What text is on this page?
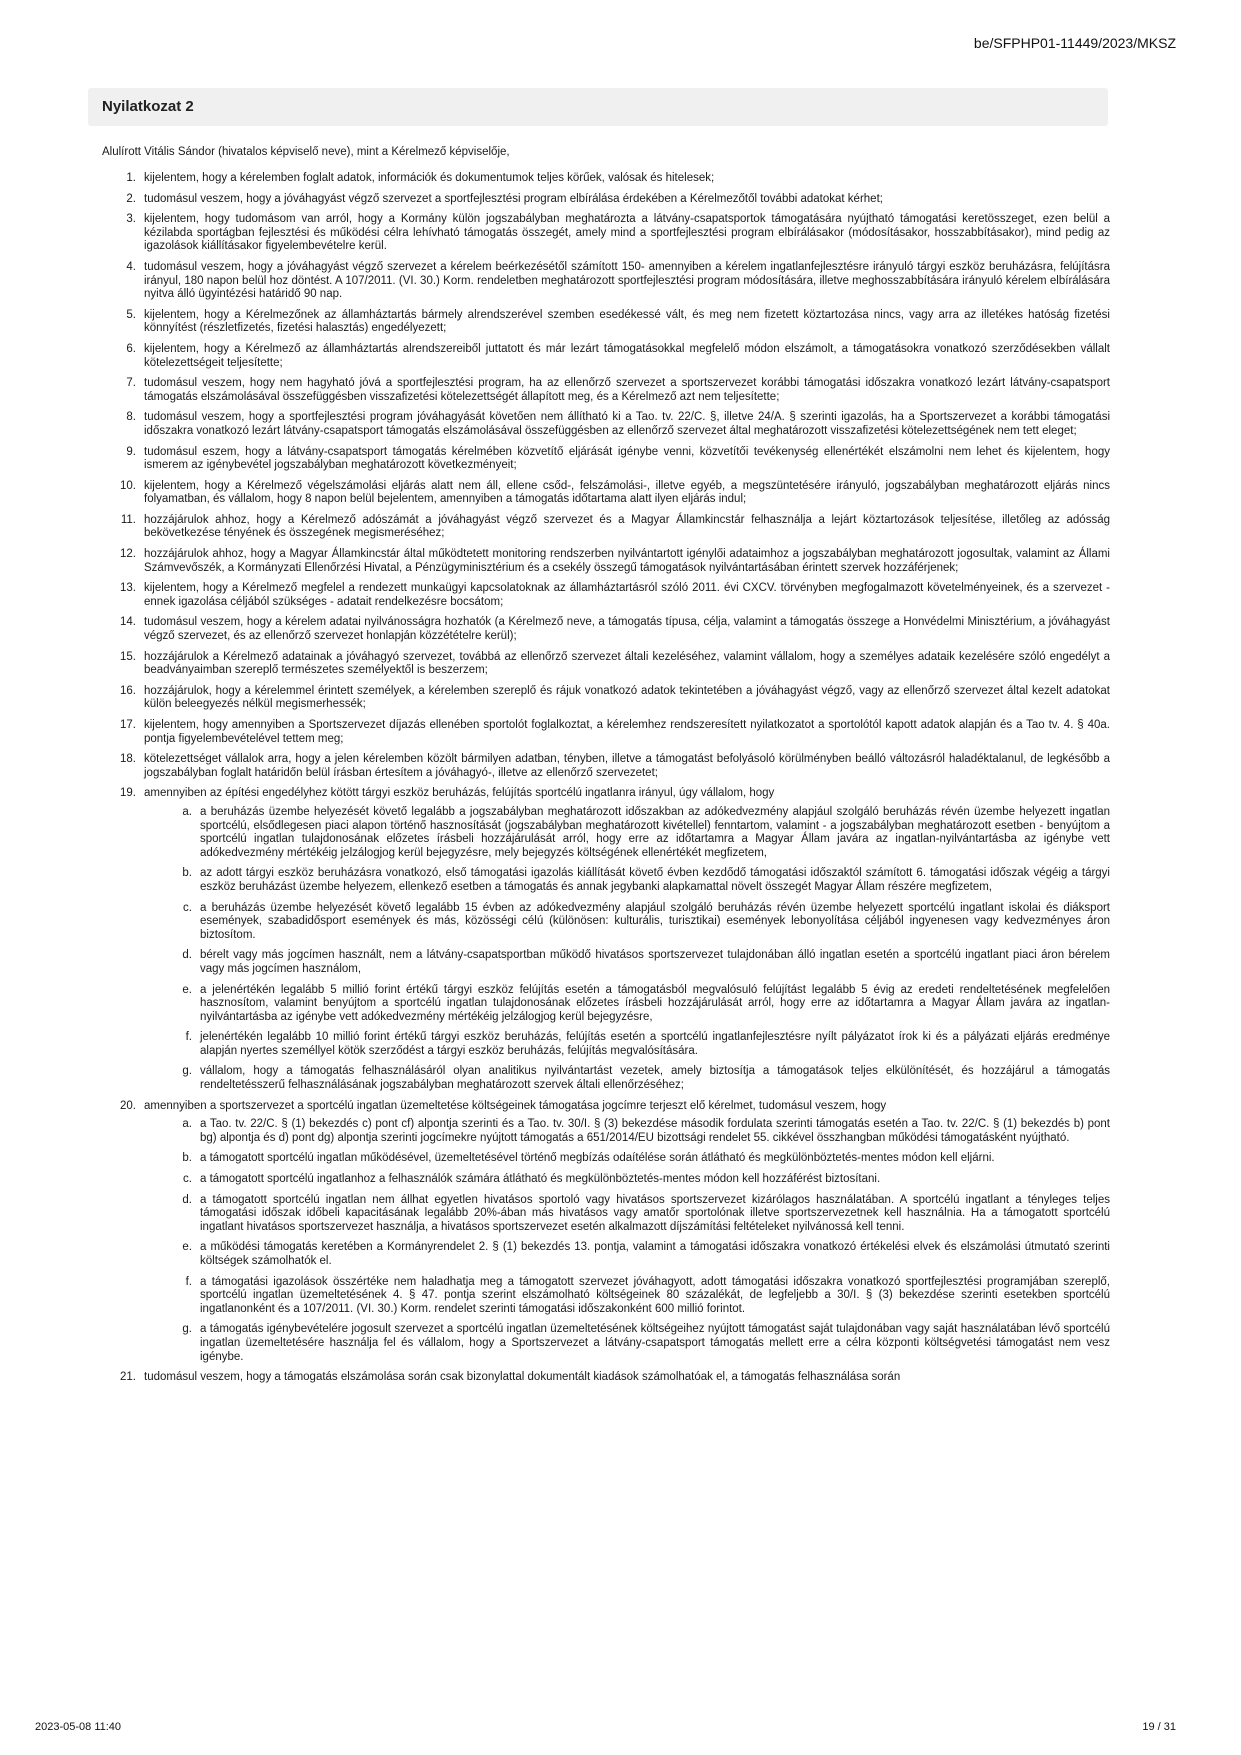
be/SFPHP01-11449/2023/MKSZ
Nyilatkozat 2
Alulírott Vitális Sándor (hivatalos képviselő neve), mint a Kérelmező képviselője,
1. kijelentem, hogy a kérelemben foglalt adatok, információk és dokumentumok teljes körűek, valósak és hitelesek;
2. tudomásul veszem, hogy a jóváhagyást végző szervezet a sportfejlesztési program elbírálása érdekében a Kérelmezőtől további adatokat kérhet;
3. kijelentem, hogy tudomásom van arról, hogy a Kormány külön jogszabályban meghatározta a látvány-csapatsportok támogatására nyújtható támogatási keretösszeget, ezen belül a kézilabda sportágban fejlesztési és működési célra lehívható támogatás összegét, amely mind a sportfejlesztési program elbírálásakor (módosításakor, hosszabbításakor), mind pedig az igazolások kiállításakor figyelembevételre kerül.
4. tudomásul veszem, hogy a jóváhagyást végző szervezet a kérelem beérkezésétől számított 150- amennyiben a kérelem ingatlanfejlesztésre irányuló tárgyi eszköz beruházásra, felújításra irányul, 180 napon belül hoz döntést. A 107/2011. (VI. 30.) Korm. rendeletben meghatározott sportfejlesztési program módosítására, illetve meghosszabbítására irányuló kérelem elbírálására nyitva álló ügyintézési határidő 90 nap.
5. kijelentem, hogy a Kérelmezőnek az államháztartás bármely alrendszerével szemben esedékessé vált, és meg nem fizetett köztartozása nincs, vagy arra az illetékes hatóság fizetési könnyítést (részletfizetés, fizetési halasztás) engedélyezett;
6. kijelentem, hogy a Kérelmező az államháztartás alrendszereiből juttatott és már lezárt támogatásokkal megfelelő módon elszámolt, a támogatásokra vonatkozó szerződésekben vállalt kötelezettségeit teljesítette;
7. tudomásul veszem, hogy nem hagyható jóvá a sportfejlesztési program, ha az ellenőrző szervezet a sportszervezet korábbi támogatási időszakra vonatkozó lezárt látvány-csapatsport támogatás elszámolásával összefüggésben visszafizetési kötelezettségét állapított meg, és a Kérelmező azt nem teljesítette;
8. tudomásul veszem, hogy a sportfejlesztési program jóváhagyását követően nem állítható ki a Tao. tv. 22/C. §, illetve 24/A. § szerinti igazolás, ha a Sportszervezet a korábbi támogatási időszakra vonatkozó lezárt látvány-csapatsport támogatás elszámolásával összefüggésben az ellenőrző szervezet által meghatározott visszafizetési kötelezettségének nem tett eleget;
9. tudomásul eszem, hogy a látvány-csapatsport támogatás kérelmében közvetítő eljárását igénybe venni, közvetítői tevékenység ellenértékét elszámolni nem lehet és kijelentem, hogy ismerem az igénybevétel jogszabályban meghatározott következményeit;
10. kijelentem, hogy a Kérelmező végelszámolási eljárás alatt nem áll, ellene csőd-, felszámolási-, illetve egyéb, a megszüntetésére irányuló, jogszabályban meghatározott eljárás nincs folyamatban, és vállalom, hogy 8 napon belül bejelentem, amennyiben a támogatás időtartama alatt ilyen eljárás indul;
11. hozzájárulok ahhoz, hogy a Kérelmező adószámát a jóváhagyást végző szervezet és a Magyar Államkincstár felhasználja a lejárt köztartozások teljesítése, illetőleg az adósság bekövetkezése tényének és összegének megismeréséhez;
12. hozzájárulok ahhoz, hogy a Magyar Államkincstár által működtetett monitoring rendszerben nyilvántartott igénylői adataimhoz a jogszabályban meghatározott jogosultak, valamint az Állami Számvevőszék, a Kormányzati Ellenőrzési Hivatal, a Pénzügyminisztérium és a csekély összegű támogatások nyilvántartásában érintett szervek hozzáférjenek;
13. kijelentem, hogy a Kérelmező megfelel a rendezett munkaügyi kapcsolatoknak az államháztartásról szóló 2011. évi CXCV. törvényben megfogalmazott követelményeinek, és a szervezet - ennek igazolása céljából szükséges - adatait rendelkezésre bocsátom;
14. tudomásul veszem, hogy a kérelem adatai nyilvánosságra hozhatók (a Kérelmező neve, a támogatás típusa, célja, valamint a támogatás összege a Honvédelmi Minisztérium, a jóváhagyást végző szervezet, és az ellenőrző szervezet honlapján közzétételre kerül);
15. hozzájárulok a Kérelmező adatainak a jóváhagyó szervezet, továbbá az ellenőrző szervezet általi kezeléséhez, valamint vállalom, hogy a személyes adataik kezelésére szóló engedélyt a beadványaimban szereplő természetes személyektől is beszerzem;
16. hozzájárulok, hogy a kérelemmel érintett személyek, a kérelemben szereplő és rájuk vonatkozó adatok tekintetében a jóváhagyást végző, vagy az ellenőrző szervezet által kezelt adatokat külön beleegyezés nélkül megismerhessék;
17. kijelentem, hogy amennyiben a Sportszervezet díjazás ellenében sportolót foglalkoztat, a kérelemhez rendszeresített nyilatkozatot a sportolótól kapott adatok alapján és a Tao tv. 4. § 40a. pontja figyelembevételével tettem meg;
18. kötelezettséget vállalok arra, hogy a jelen kérelemben közölt bármilyen adatban, tényben, illetve a támogatást befolyásoló körülményben beálló változásról haladéktalanul, de legkésőbb a jogszabályban foglalt határidőn belül írásban értesítem a jóváhagyó-, illetve az ellenőrző szervezetet;
19. amennyiben az építési engedélyhez kötött tárgyi eszköz beruházás, felújítás sportcélú ingatlanra irányul, úgy vállalom, hogy
a. a beruházás üzembe helyezését követő legalább a jogszabályban meghatározott időszakban az adókedvezmény alapjául szolgáló beruházás révén üzembe helyezett ingatlan sportcélú, elsődlegesen piaci alapon történő hasznosítását (jogszabályban meghatározott kivétellel) fenntartom, valamint - a jogszabályban meghatározott esetben - benyújtom a sportcélú ingatlan tulajdonosának előzetes írásbeli hozzájárulását arról, hogy erre az időtartamra a Magyar Állam javára az ingatlan-nyilvántartásba az igénybe vett adókedvezmény mértékéig jelzálogjog kerül bejegyzésre, mely bejegyzés költségének ellenértékét megfizetem,
b. az adott tárgyi eszköz beruházásra vonatkozó, első támogatási igazolás kiállítását követő évben kezdődő támogatási időszaktól számított 6. támogatási időszak végéig a tárgyi eszköz beruházást üzembe helyezem, ellenkező esetben a támogatás és annak jegybanki alapkamattal növelt összegét Magyar Állam részére megfizetem,
c. a beruházás üzembe helyezését követő legalább 15 évben az adókedvezmény alapjául szolgáló beruházás révén üzembe helyezett sportcélú ingatlant iskolai és diáksport események, szabadidősport események és más, közösségi célú (különösen: kulturális, turisztikai) események lebonyolítása céljából ingyenesen vagy kedvezményes áron biztosítom.
d. bérelt vagy más jogcímen használt, nem a látvány-csapatsportban működő hivatásos sportszervezet tulajdonában álló ingatlan esetén a sportcélú ingatlant piaci áron bérelem vagy más jogcímen használom,
e. a jelenértékén legalább 5 millió forint értékű tárgyi eszköz felújítás esetén a támogatásból megvalósuló felújítást legalább 5 évig az eredeti rendeltetésének megfelelően hasznosítom, valamint benyújtom a sportcélú ingatlan tulajdonosának előzetes írásbeli hozzájárulását arról, hogy erre az időtartamra a Magyar Állam javára az ingatlan-nyilvántartásba az igénybe vett adókedvezmény mértékéig jelzálogjog kerül bejegyzésre,
f. jelenértékén legalább 10 millió forint értékű tárgyi eszköz beruházás, felújítás esetén a sportcélú ingatlanfejlesztésre nyílt pályázatot írok ki és a pályázati eljárás eredménye alapján nyertes személlyel kötök szerződést a tárgyi eszköz beruházás, felújítás megvalósítására.
g. vállalom, hogy a támogatás felhasználásáról olyan analitikus nyilvántartást vezetek, amely biztosítja a támogatások teljes elkülönítését, és hozzájárul a támogatás rendeltetésszerű felhasználásának jogszabályban meghatározott szervek általi ellenőrzéséhez;
20. amennyiben a sportszervezet a sportcélú ingatlan üzemeltetése költségeinek támogatása jogcímre terjeszt elő kérelmet, tudomásul veszem, hogy
a. a Tao. tv. 22/C. § (1) bekezdés c) pont cf) alpontja szerinti és a Tao. tv. 30/I. § (3) bekezdése második fordulata szerinti támogatás esetén a Tao. tv. 22/C. § (1) bekezdés b) pont bg) alpontja és d) pont dg) alpontja szerinti jogcímekre nyújtott támogatás a 651/2014/EU bizottsági rendelet 55. cikkével összhangban működési támogatásként nyújtható.
b. a támogatott sportcélú ingatlan működésével, üzemeltetésével történő megbízás odaítélése során átlátható és megkülönböztetés-mentes módon kell eljárni.
c. a támogatott sportcélú ingatlanhoz a felhasználók számára átlátható és megkülönböztetés-mentes módon kell hozzáférést biztosítani.
d. a támogatott sportcélú ingatlan nem állhat egyetlen hivatásos sportoló vagy hivatásos sportszervezet kizárólagos használatában. A sportcélú ingatlant a tényleges teljes támogatási időszak időbeli kapacitásának legalább 20%-ában más hivatásos vagy amatőr sportolónak illetve sportszervezetnek kell használnia. Ha a támogatott sportcélú ingatlant hivatásos sportszervezet használja, a hivatásos sportszervezet esetén alkalmazott díjszámítási feltételeket nyilvánossá kell tenni.
e. a működési támogatás keretében a Kormányrendelet 2. § (1) bekezdés 13. pontja, valamint a támogatási időszakra vonatkozó értékelési elvek és elszámolási útmutató szerinti költségek számolhatók el.
f. a támogatási igazolások összértéke nem haladhatja meg a támogatott szervezet jóváhagyott, adott támogatási időszakra vonatkozó sportfejlesztési programjában szereplő, sportcélú ingatlan üzemeltetésének 4. § 47. pontja szerint elszámolható költségeinek 80 százalékát, de legfeljebb a 30/I. § (3) bekezdése szerinti esetekben sportcélú ingatlanonként és a 107/2011. (VI. 30.) Korm. rendelet szerinti támogatási időszakonként 600 millió forintot.
g. a támogatás igénybevételére jogosult szervezet a sportcélú ingatlan üzemeltetésének költségeihez nyújtott támogatást saját tulajdonában vagy saját használatában lévő sportcélú ingatlan üzemeltetésére használja fel és vállalom, hogy a Sportszervezet a látvány-csapatsport támogatás mellett erre a célra központi költségvetési támogatást nem vesz igénybe.
21. tudomásul veszem, hogy a támogatás elszámolása során csak bizonylattal dokumentált kiadások számolhatóak el, a támogatás felhasználása során
2023-05-08 11:40	19 / 31
